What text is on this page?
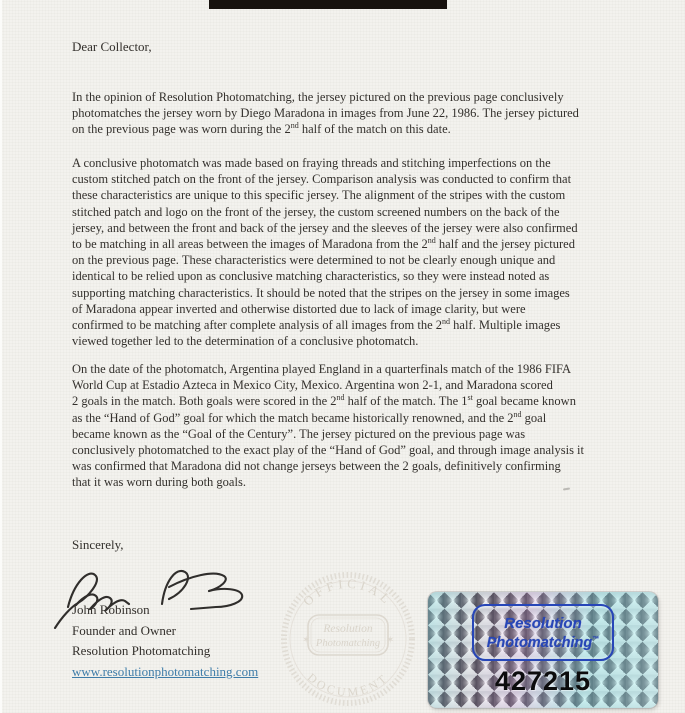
Dear Collector,
In the opinion of Resolution Photomatching, the jersey pictured on the previous page conclusively
photomatches the jersey worn by Diego Maradona in images from June 22, 1986. The jersey pictured
on the previous page was worn during the 2nd half of the match on this date.
A conclusive photomatch was made based on fraying threads and stitching imperfections on the
custom stitched patch on the front of the jersey. Comparison analysis was conducted to confirm that
these characteristics are unique to this specific jersey. The alignment of the stripes with the custom
stitched patch and logo on the front of the jersey, the custom screened numbers on the back of the
jersey, and between the front and back of the jersey and the sleeves of the jersey were also confirmed
to be matching in all areas between the images of Maradona from the 2nd half and the jersey pictured
on the previous page. These characteristics were determined to not be clearly enough unique and
identical to be relied upon as conclusive matching characteristics, so they were instead noted as
supporting matching characteristics. It should be noted that the stripes on the jersey in some images
of Maradona appear inverted and otherwise distorted due to lack of image clarity, but were
confirmed to be matching after complete analysis of all images from the 2nd half. Multiple images
viewed together led to the determination of a conclusive photomatch.
On the date of the photomatch, Argentina played England in a quarterfinals match of the 1986 FIFA
World Cup at Estadio Azteca in Mexico City, Mexico. Argentina won 2-1, and Maradona scored
2 goals in the match. Both goals were scored in the 2nd half of the match. The 1st goal became known
as the “Hand of God” goal for which the match became historically renowned, and the 2nd goal
became known as the “Goal of the Century”. The jersey pictured on the previous page was
conclusively photomatched to the exact play of the “Hand of God” goal, and through image analysis it
was confirmed that Maradona did not change jerseys between the 2 goals, definitively confirming
that it was worn during both goals.
Sincerely,
John Robinson
Founder and Owner
Resolution Photomatching
www.resolutionphotomatching.com
OFFICIAL
DOCUMENT
✶	✶
Resolution
Photomatching
Resolution
Photomatching™
427215
